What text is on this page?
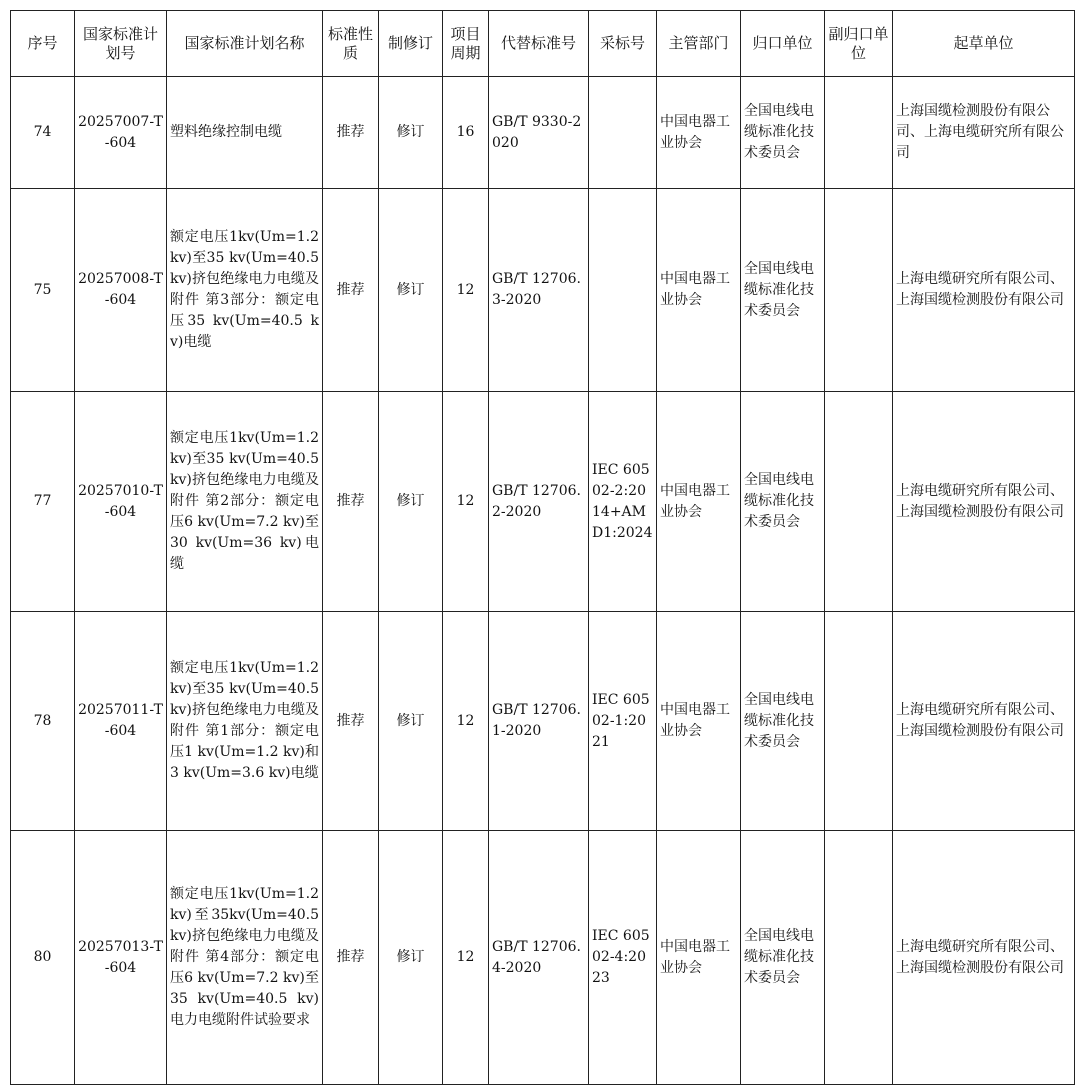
序号	国家标准计划号	国家标准计划名称	标准性质	制修订	项目周期	代替标准号	采标号	主管部门	归口单位	副归口单位	起草单位
74	20257007-T-604	塑料绝缘控制电缆	推荐	修订	16	GB/T 9330-2020		中国电器工业协会	全国电线电缆标准化技术委员会		上海国缆检测股份有限公司、上海电缆研究所有限公司
75	20257008-T-604	额定电压1kv(Um=1.2 kv)至35 kv(Um=40.5 kv)挤包绝缘电力电缆及附件 第3部分：额定电压35 kv(Um=40.5 kv)电缆	推荐	修订	12	GB/T 12706.3-2020		中国电器工业协会	全国电线电缆标准化技术委员会		上海电缆研究所有限公司、上海国缆检测股份有限公司
77	20257010-T-604	额定电压1kv(Um=1.2 kv)至35 kv(Um=40.5 kv)挤包绝缘电力电缆及附件 第2部分：额定电压6 kv(Um=7.2 kv)至30 kv(Um=36 kv)电缆	推荐	修订	12	GB/T 12706.2-2020	IEC 60502-2:2014+AMD1:2024	中国电器工业协会	全国电线电缆标准化技术委员会		上海电缆研究所有限公司、上海国缆检测股份有限公司
78	20257011-T-604	额定电压1kv(Um=1.2 kv)至35 kv(Um=40.5 kv)挤包绝缘电力电缆及附件 第1部分：额定电压1 kv(Um=1.2 kv)和3 kv(Um=3.6 kv)电缆	推荐	修订	12	GB/T 12706.1-2020	IEC 60502-1:2021	中国电器工业协会	全国电线电缆标准化技术委员会		上海电缆研究所有限公司、上海国缆检测股份有限公司
80	20257013-T-604	额定电压1kv(Um=1.2kv)至35kv(Um=40.5kv)挤包绝缘电力电缆及附件 第4部分：额定电压6 kv(Um=7.2 kv)至35 kv(Um=40.5 kv)电力电缆附件试验要求	推荐	修订	12	GB/T 12706.4-2020	IEC 60502-4:2023	中国电器工业协会	全国电线电缆标准化技术委员会		上海电缆研究所有限公司、上海国缆检测股份有限公司
